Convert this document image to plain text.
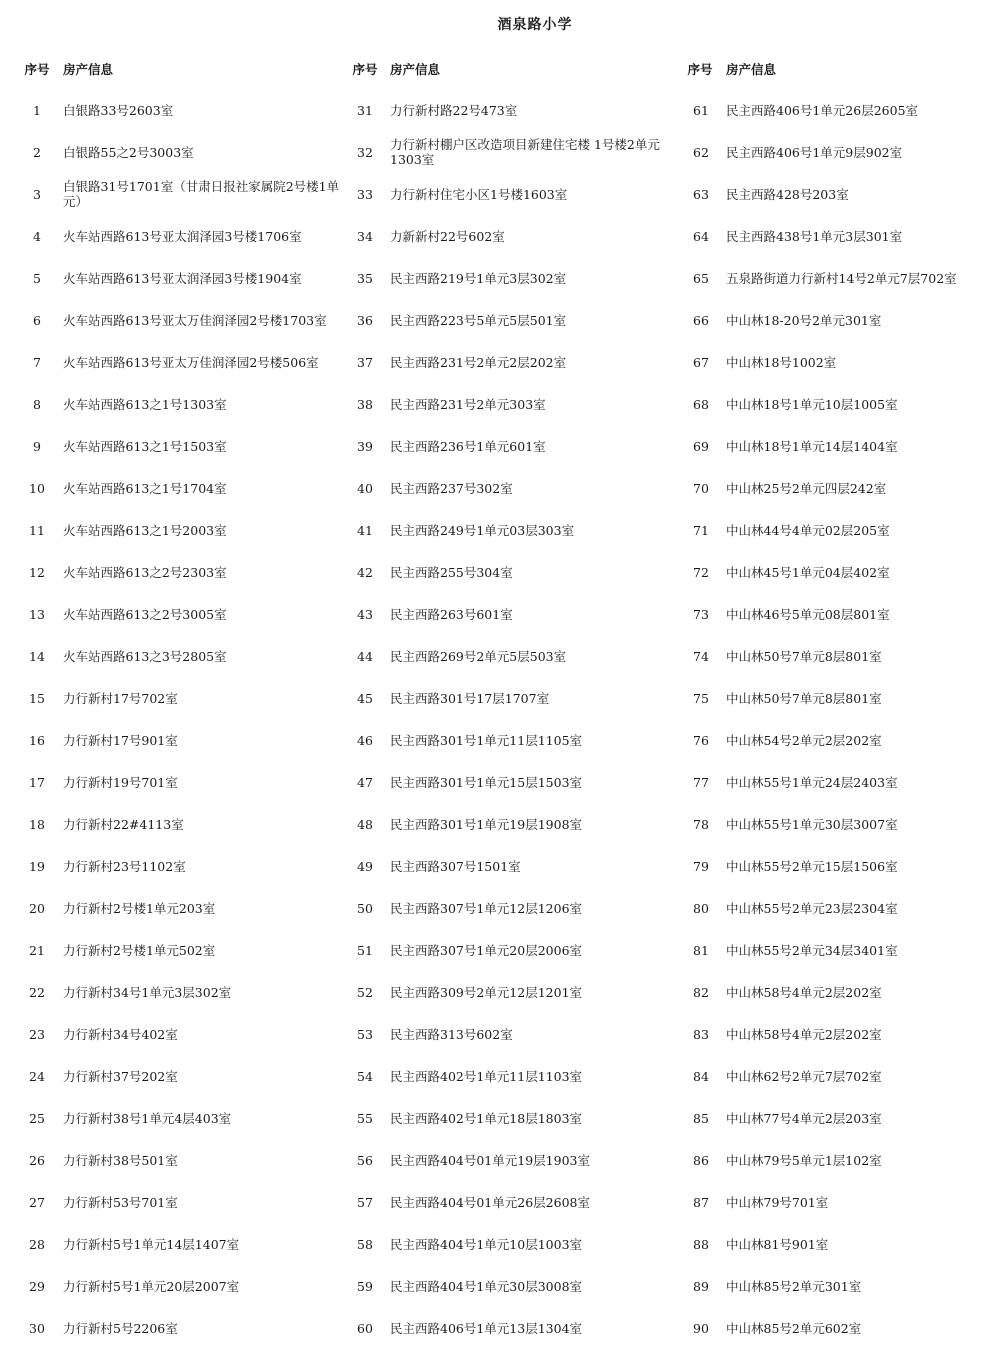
酒泉路小学
序号	房产信息
1	白银路33号2603室
2	白银路55之2号3003室
3	白银路31号1701室（甘肃日报社家属院2号楼1单元）
4	火车站西路613号亚太润泽园3号楼1706室
5	火车站西路613号亚太润泽园3号楼1904室
6	火车站西路613号亚太万佳润泽园2号楼1703室
7	火车站西路613号亚太万佳润泽园2号楼506室
8	火车站西路613之1号1303室
9	火车站西路613之1号1503室
10	火车站西路613之1号1704室
11	火车站西路613之1号2003室
12	火车站西路613之2号2303室
13	火车站西路613之2号3005室
14	火车站西路613之3号2805室
15	力行新村17号702室
16	力行新村17号901室
17	力行新村19号701室
18	力行新村22#4113室
19	力行新村23号1102室
20	力行新村2号楼1单元203室
21	力行新村2号楼1单元502室
22	力行新村34号1单元3层302室
23	力行新村34号402室
24	力行新村37号202室
25	力行新村38号1单元4层403室
26	力行新村38号501室
27	力行新村53号701室
28	力行新村5号1单元14层1407室
29	力行新村5号1单元20层2007室
30	力行新村5号2206室
序号	房产信息
31	力行新村路22号473室
32	力行新村棚户区改造项目新建住宅楼 1号楼2单元1303室
33	力行新村住宅小区1号楼1603室
34	力新新村22号602室
35	民主西路219号1单元3层302室
36	民主西路223号5单元5层501室
37	民主西路231号2单元2层202室
38	民主西路231号2单元303室
39	民主西路236号1单元601室
40	民主西路237号302室
41	民主西路249号1单元03层303室
42	民主西路255号304室
43	民主西路263号601室
44	民主西路269号2单元5层503室
45	民主西路301号17层1707室
46	民主西路301号1单元11层1105室
47	民主西路301号1单元15层1503室
48	民主西路301号1单元19层1908室
49	民主西路307号1501室
50	民主西路307号1单元12层1206室
51	民主西路307号1单元20层2006室
52	民主西路309号2单元12层1201室
53	民主西路313号602室
54	民主西路402号1单元11层1103室
55	民主西路402号1单元18层1803室
56	民主西路404号01单元19层1903室
57	民主西路404号01单元26层2608室
58	民主西路404号1单元10层1003室
59	民主西路404号1单元30层3008室
60	民主西路406号1单元13层1304室
序号	房产信息
61	民主西路406号1单元26层2605室
62	民主西路406号1单元9层902室
63	民主西路428号203室
64	民主西路438号1单元3层301室
65	五泉路街道力行新村14号2单元7层702室
66	中山林18-20号2单元301室
67	中山林18号1002室
68	中山林18号1单元10层1005室
69	中山林18号1单元14层1404室
70	中山林25号2单元四层242室
71	中山林44号4单元02层205室
72	中山林45号1单元04层402室
73	中山林46号5单元08层801室
74	中山林50号7单元8层801室
75	中山林50号7单元8层801室
76	中山林54号2单元2层202室
77	中山林55号1单元24层2403室
78	中山林55号1单元30层3007室
79	中山林55号2单元15层1506室
80	中山林55号2单元23层2304室
81	中山林55号2单元34层3401室
82	中山林58号4单元2层202室
83	中山林58号4单元2层202室
84	中山林62号2单元7层702室
85	中山林77号4单元2层203室
86	中山林79号5单元1层102室
87	中山林79号701室
88	中山林81号901室
89	中山林85号2单元301室
90	中山林85号2单元602室
